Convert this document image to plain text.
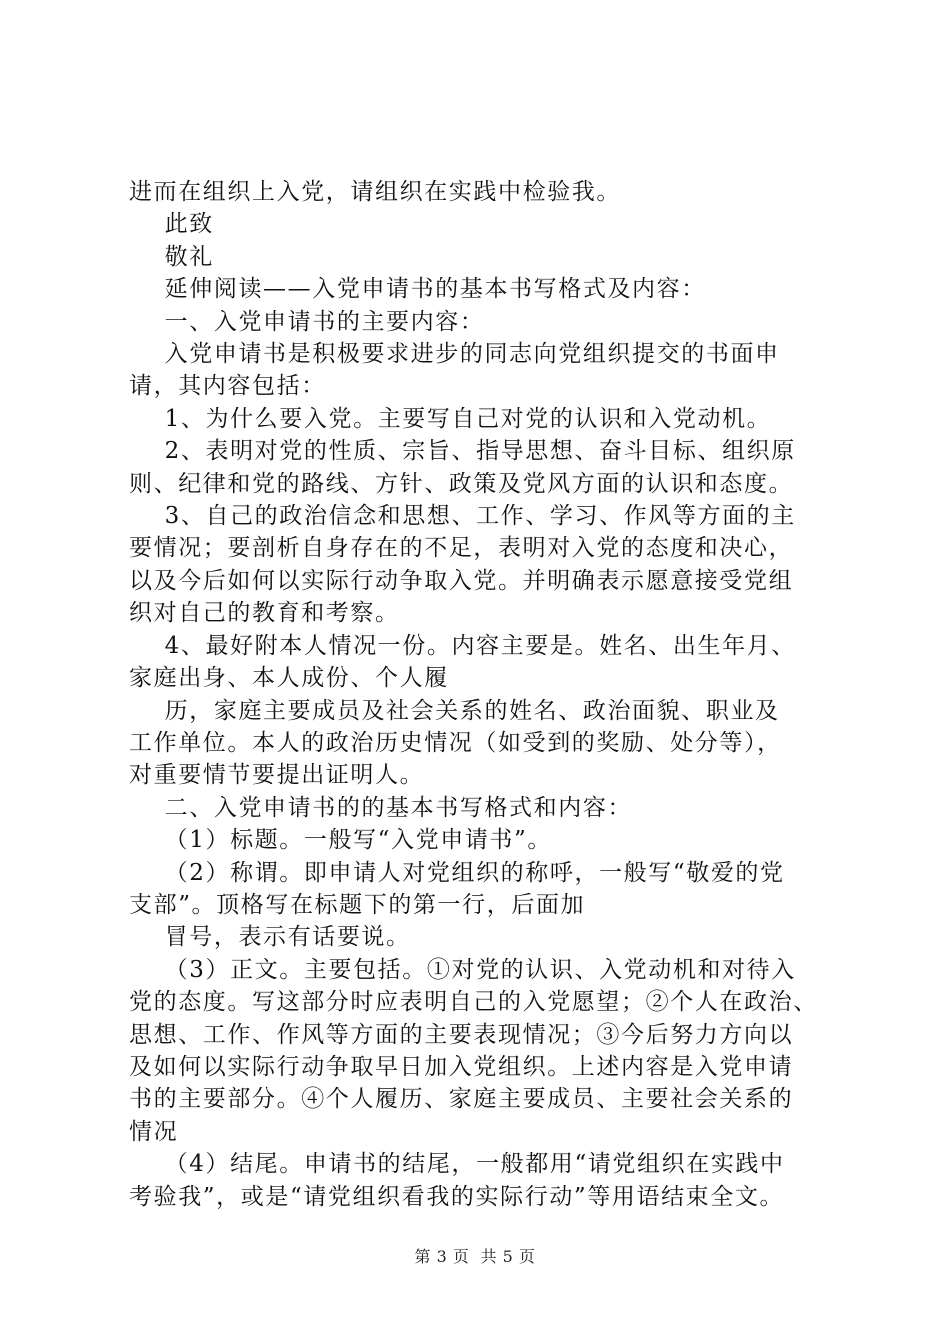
进而在组织上入党，请组织在实践中检验我。

此致

敬礼

延伸阅读——入党申请书的基本书写格式及内容：

一、入党申请书的主要内容：

入党申请书是积极要求进步的同志向党组织提交的书面申

请，其内容包括：

1、为什么要入党。主要写自己对党的认识和入党动机。

2、表明对党的性质、宗旨、指导思想、奋斗目标、组织原

则、纪律和党的路线、方针、政策及党风方面的认识和态度。

3、自己的政治信念和思想、工作、学习、作风等方面的主

要情况；要剖析自身存在的不足，表明对入党的态度和决心，

以及今后如何以实际行动争取入党。并明确表示愿意接受党组

织对自己的教育和考察。

4、最好附本人情况一份。内容主要是。姓名、出生年月、

家庭出身、本人成份、个人履

历，家庭主要成员及社会关系的姓名、政治面貌、职业及

工作单位。本人的政治历史情况（如受到的奖励、处分等），

对重要情节要提出证明人。

二、入党申请书的的基本书写格式和内容：

（1）标题。一般写“入党申请书”。

（2）称谓。即申请人对党组织的称呼，一般写“敬爱的党

支部”。顶格写在标题下的第一行，后面加

冒号，表示有话要说。

（3）正文。主要包括。①对党的认识、入党动机和对待入

党的态度。写这部分时应表明自己的入党愿望；②个人在政治、

思想、工作、作风等方面的主要表现情况；③今后努力方向以

及如何以实际行动争取早日加入党组织。上述内容是入党申请

书的主要部分。④个人履历、家庭主要成员、主要社会关系的

情况

（4）结尾。申请书的结尾，一般都用“请党组织在实践中

考验我”，或是“请党组织看我的实际行动”等用语结束全文。

第 3 页  共 5 页
